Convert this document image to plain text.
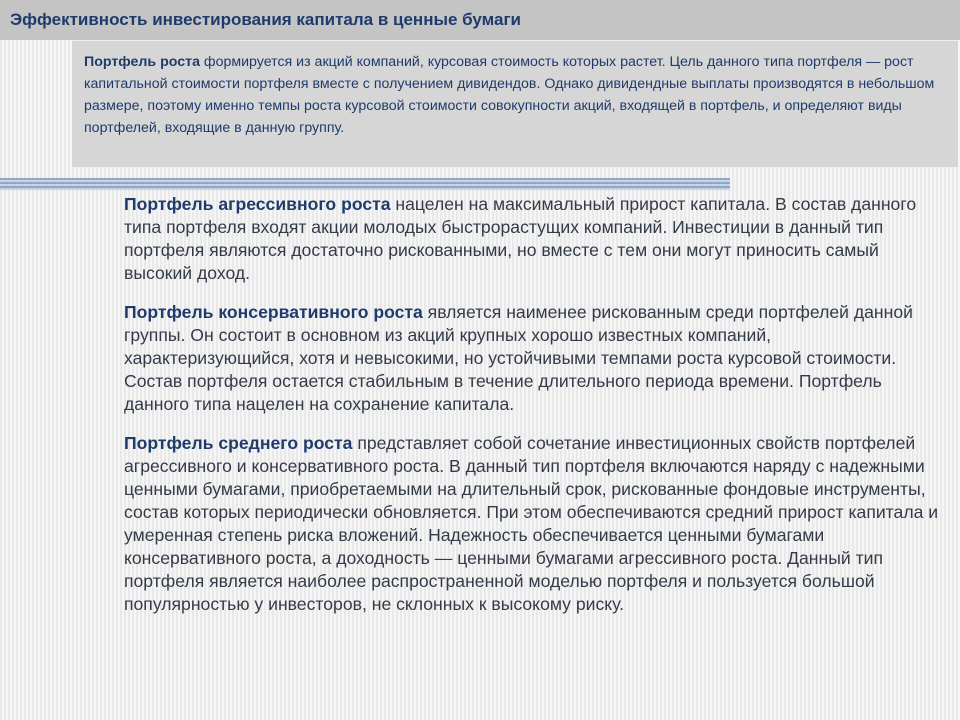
Эффективность инвестирования капитала в ценные бумаги
Портфель роста формируется из акций компаний, курсовая стоимость которых растет. Цель данного типа портфеля — рост капитальной стоимости портфеля вместе с получением дивидендов. Однако дивидендные выплаты производятся в небольшом размере, поэтому именно темпы роста курсовой стоимости совокупности акций, входящей в портфель, и определяют виды портфелей, входящие в данную группу.

Портфель агрессивного роста нацелен на максимальный прирост капитала. В состав данного типа портфеля входят акции молодых быстрорастущих компаний. Инвестиции в данный тип портфеля являются достаточно рискованными, но вместе с тем они могут приносить самый высокий доход.

Портфель консервативного роста является наименее рискованным среди портфелей данной группы. Он состоит в основном из акций крупных хорошо известных компаний, характеризующийся, хотя и невысокими, но устойчивыми темпами роста курсовой стоимости. Состав портфеля остается стабильным в течение длительного периода времени. Портфель данного типа нацелен на сохранение капитала.

Портфель среднего роста представляет собой сочетание инвестиционных свойств портфелей агрессивного и консервативного роста. В данный тип портфеля включаются наряду с надежными ценными бумагами, приобретаемыми на длительный срок, рискованные фондовые инструменты, состав которых периодически обновляется. При этом обеспечиваются средний прирост капитала и умеренная степень риска вложений. Надежность обеспечивается ценными бумагами консервативного роста, а доходность — ценными бумагами агрессивного роста. Данный тип портфеля является наиболее распространенной моделью портфеля и пользуется большой популярностью у инвесторов, не склонных к высокому риску.
